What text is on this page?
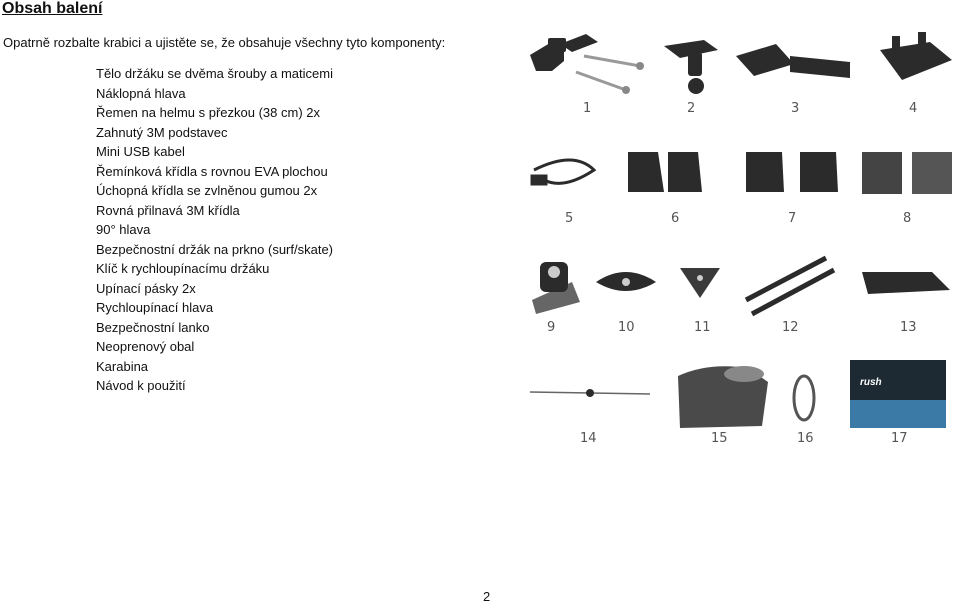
Obsah balení
Opatrně rozbalte krabici a ujistěte se, že obsahuje všechny tyto komponenty:
Tělo držáku se dvěma šrouby a maticemi
Náklopná hlava
Řemen na helmu s přezkou (38 cm) 2x
Zahnutý 3M podstavec
Mini USB kabel
Řemínková křídla s rovnou EVA plochou
Úchopná křídla se zvlněnou gumou 2x
Rovná přilnavá 3M křídla
90° hlava
Bezpečnostní držák na prkno (surf/skate)
Klíč k rychloupínacímu držáku
Upínací pásky 2x
Rychloupínací hlava
Bezpečnostní lanko
Neoprenový obal
Karabina
Návod k použití
1	2	3	4
5	6	7	8
9	10	11	12	13
14	15	16	17
rush
2
